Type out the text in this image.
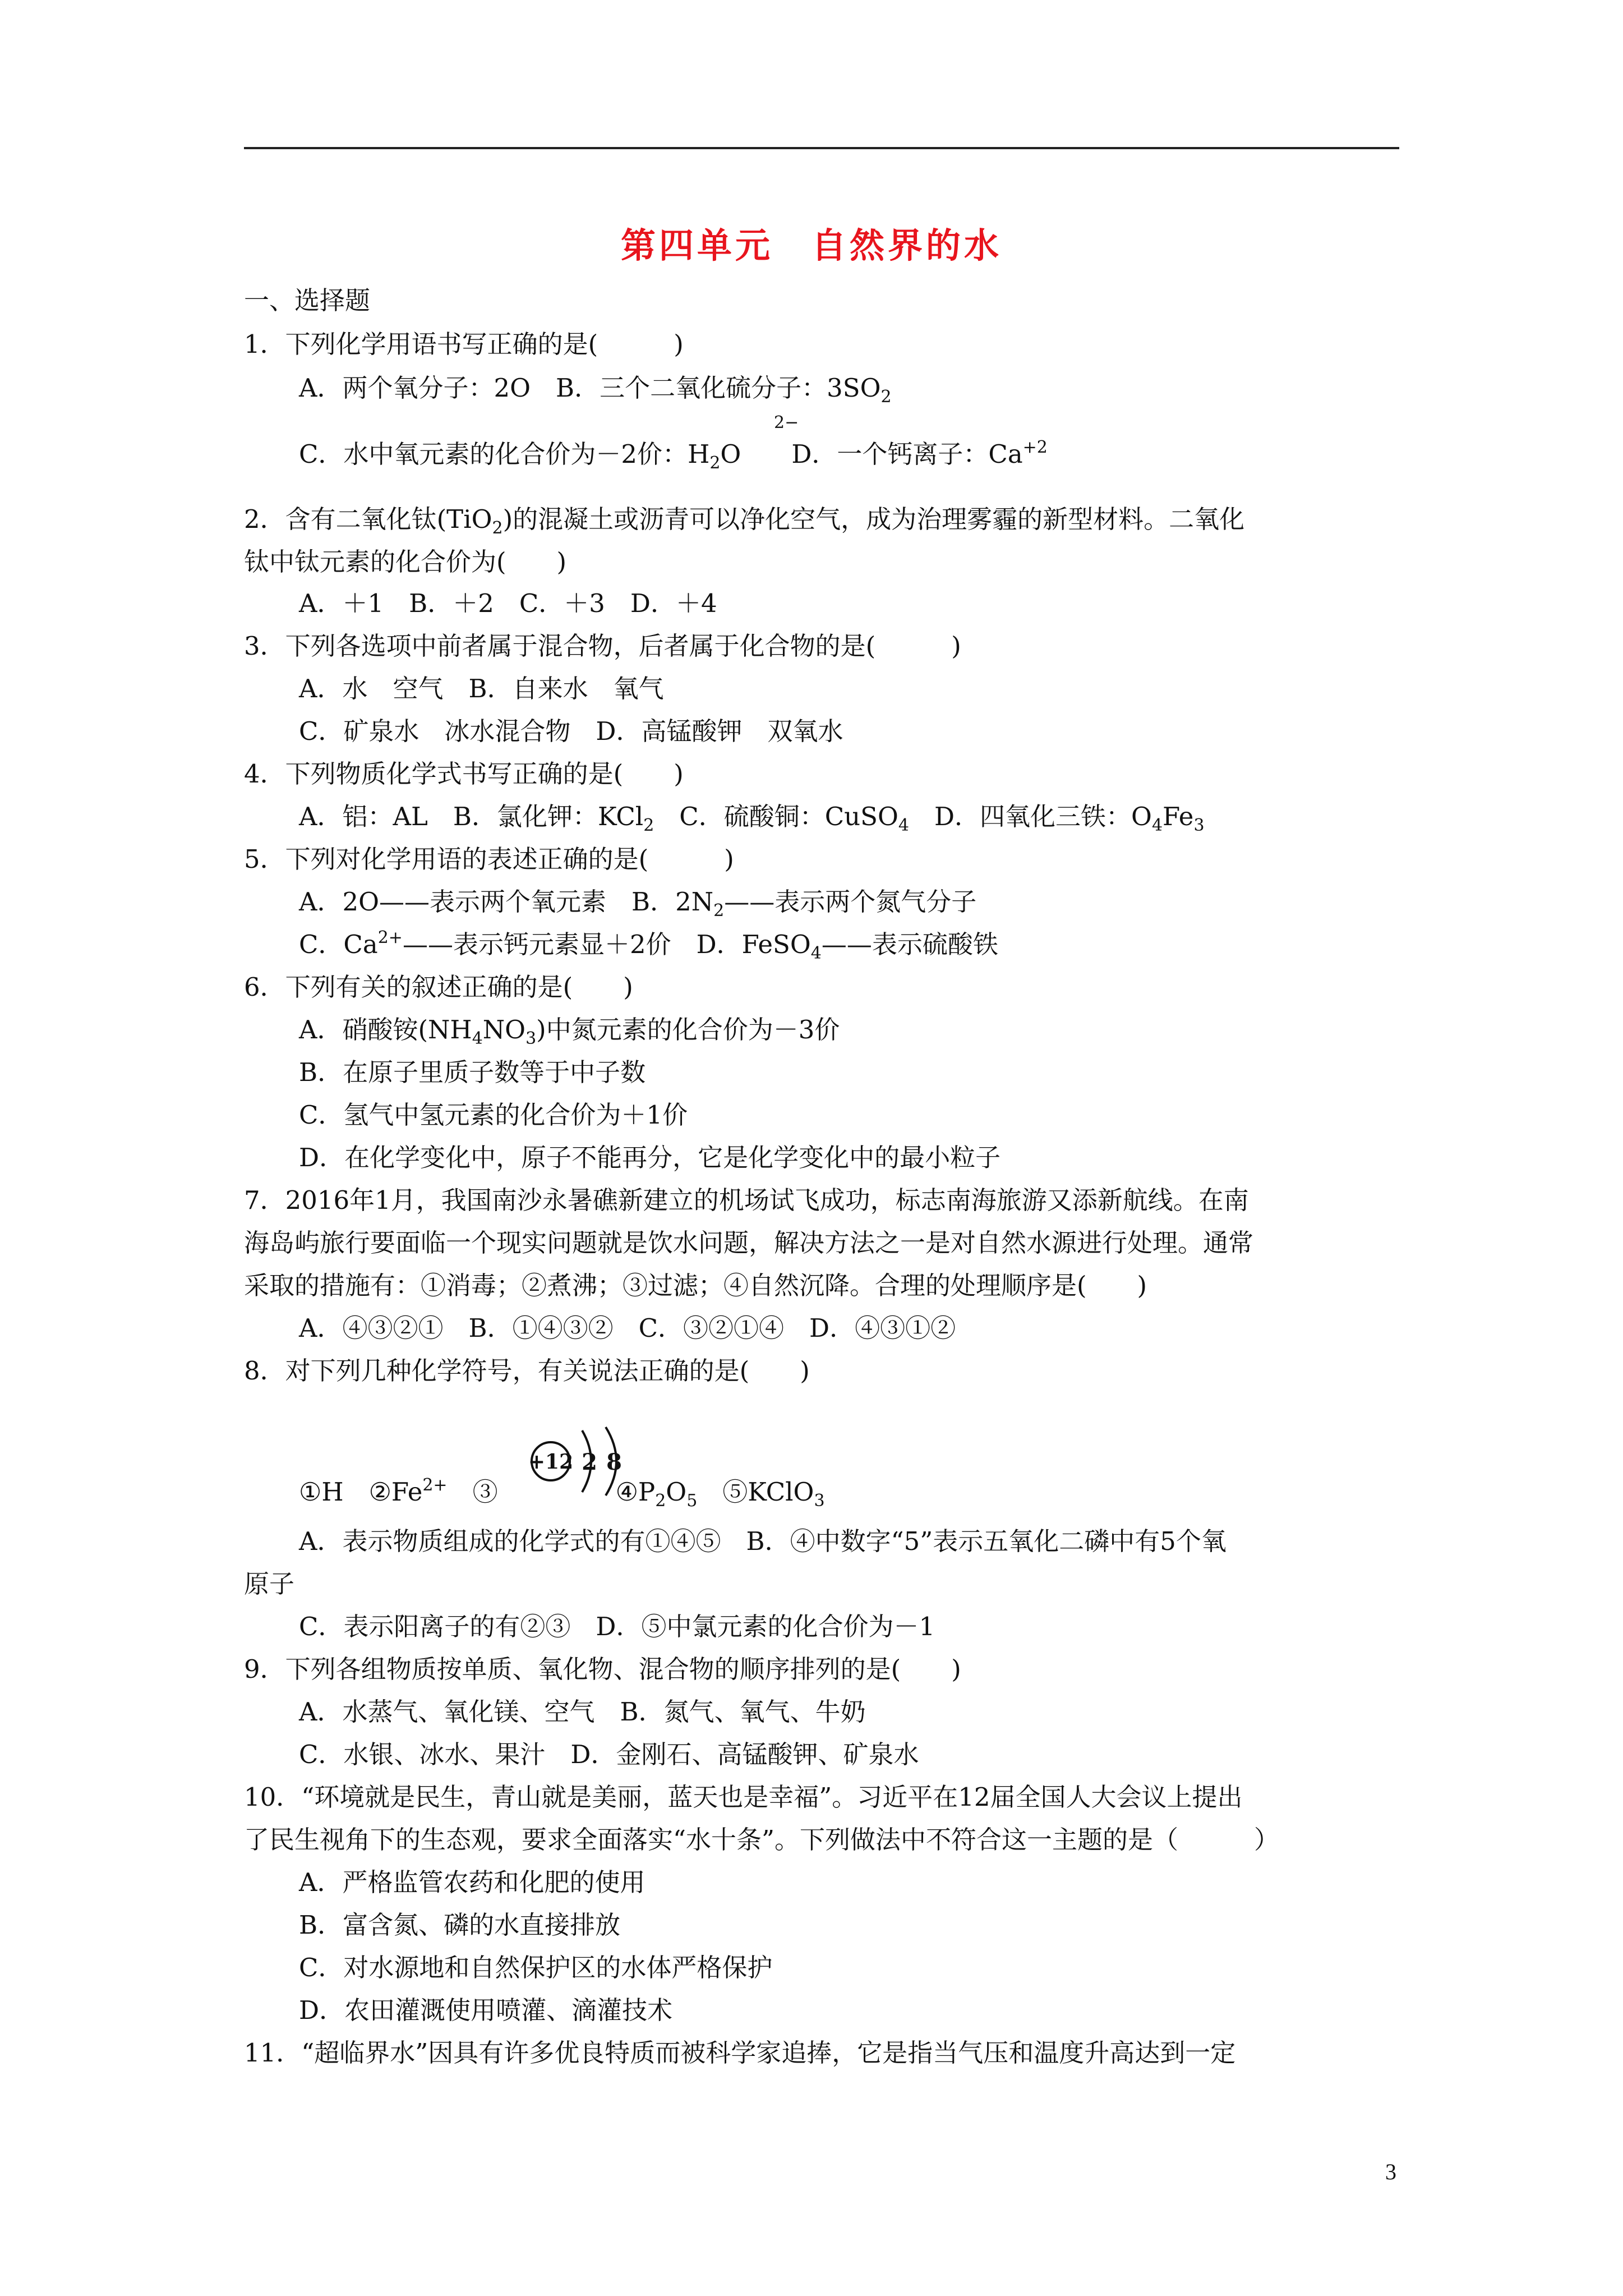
第四单元　自然界的水
一、选择题
1．下列化学用语书写正确的是(　　　)
A．两个氧分子：2O　 B．三个二氧化硫分子：$3SO_2$
2−
C．水中氧元素的化合价为－2价：$H_2O$　　 D．一个钙离子：$Ca^{+2}$
2．含有二氧化钛(TiO$_2$)的混凝土或沥青可以净化空气，成为治理雾霾的新型材料。二氧化
钛中钛元素的化合价为(　　)
A．＋1　B．＋2　C．＋3　D．＋4
3．下列各选项中前者属于混合物，后者属于化合物的是(　　　)
A．水　空气　B．自来水　氧气
C．矿泉水　冰水混合物　D．高锰酸钾　双氧水
4．下列物质化学式书写正确的是(　　)
A．铝：AL　B．氯化钾：KCl$_2$　C．硫酸铜：CuSO$_4$　D．四氧化三铁：$O_4Fe_3$
5．下列对化学用语的表述正确的是(　　　)
A．2O——表示两个氧元素　B．$2N_2——$表示两个氮气分子
C．$Ca^{2+}——$表示钙元素显＋2价　D．FeSO$_4$——表示硫酸铁
6．下列有关的叙述正确的是(　　)
A．硝酸铵$(NH_4NO_3)$中氮元素的化合价为－3价
B．在原子里质子数等于中子数
C．氢气中氢元素的化合价为＋1价
D．在化学变化中，原子不能再分，它是化学变化中的最小粒子
7．2016年1月，我国南沙永暑礁新建立的机场试飞成功，标志南海旅游又添新航线。在南
海岛屿旅行要面临一个现实问题就是饮水问题，解决方法之一是对自然水源进行处理。通常
采取的措施有：①消毒；②煮沸；③过滤；④自然沉降。合理的处理顺序是(　　)
A．④③②①　B．①④③②　C．③②①④　D．④③①②
8．对下列几种化学符号，有关说法正确的是(　　)
+12 2 8
①H　$②Fe^{2+}$　③	$④P_2O_5$　⑤KClO$_3$
A．表示物质组成的化学式的有①④⑤　B．④中数字“5”表示五氧化二磷中有5个氧
原子
C．表示阳离子的有②③　D．⑤中氯元素的化合价为－1
9．下列各组物质按单质、氧化物、混合物的顺序排列的是(　　)
A．水蒸气、氧化镁、空气　B．氮气、氧气、牛奶
C．水银、冰水、果汁　D．金刚石、高锰酸钾、矿泉水
10．“环境就是民生，青山就是美丽，蓝天也是幸福”。习近平在12届全国人大会议上提出
了民生视角下的生态观，要求全面落实“水十条”。下列做法中不符合这一主题的是（　　　）
A．严格监管农药和化肥的使用
B．富含氮、磷的水直接排放
C．对水源地和自然保护区的水体严格保护
D．农田灌溉使用喷灌、滴灌技术
11．“超临界水”因具有许多优良特质而被科学家追捧，它是指当气压和温度升高达到一定
3
